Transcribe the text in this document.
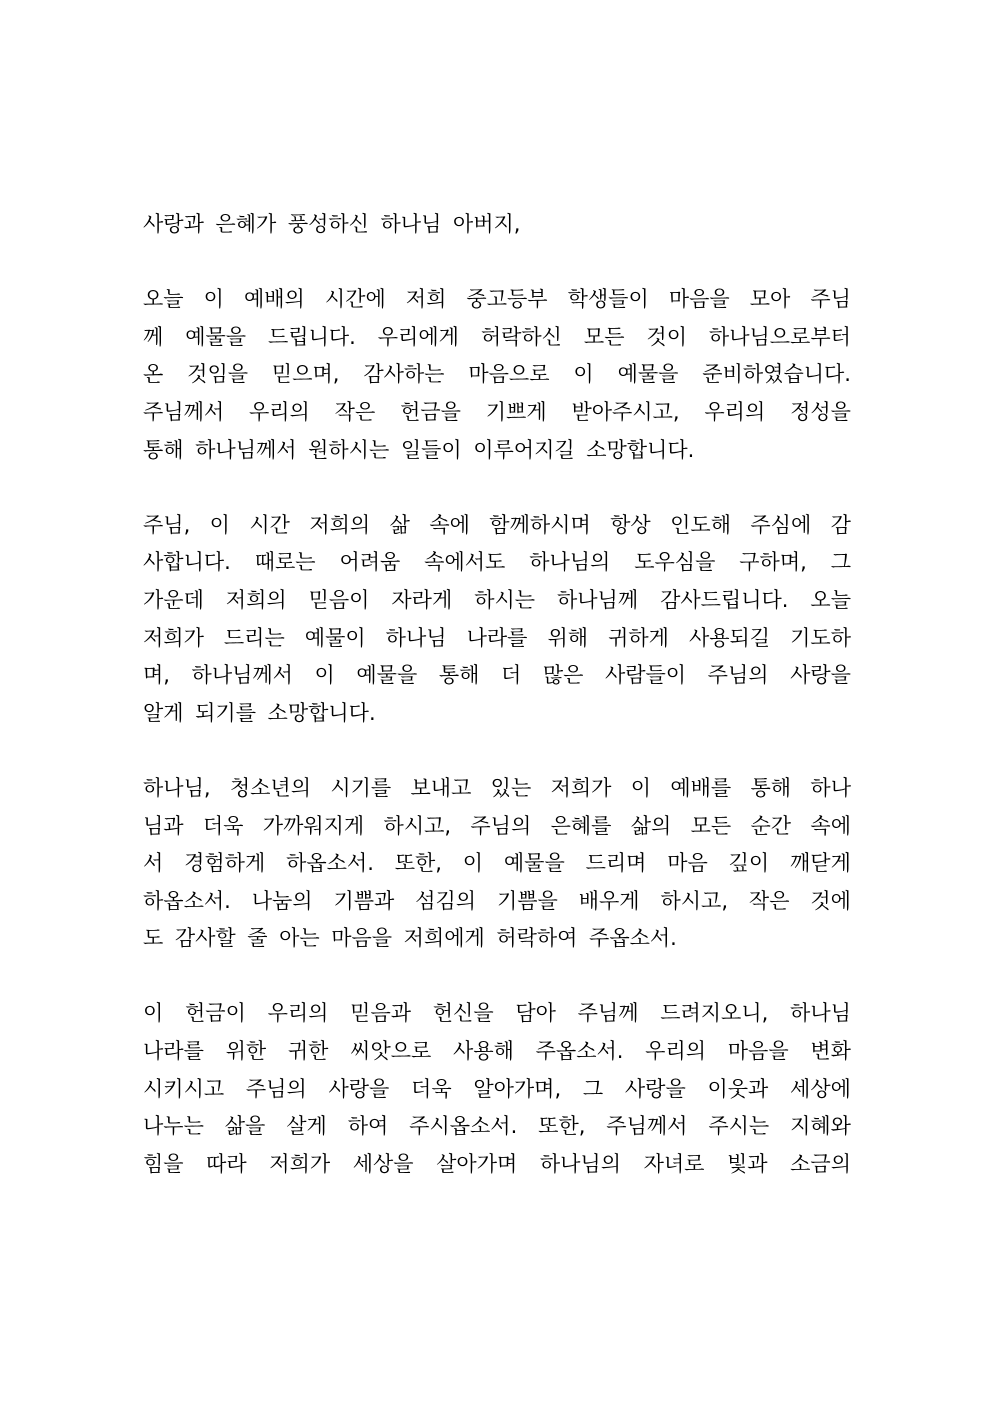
사랑과 은혜가 풍성하신 하나님 아버지,
오늘 이 예배의 시간에 저희 중고등부 학생들이 마음을 모아 주님
께 예물을 드립니다. 우리에게 허락하신 모든 것이 하나님으로부터
온 것임을 믿으며, 감사하는 마음으로 이 예물을 준비하였습니다.
주님께서 우리의 작은 헌금을 기쁘게 받아주시고, 우리의 정성을
통해 하나님께서 원하시는 일들이 이루어지길 소망합니다.
주님, 이 시간 저희의 삶 속에 함께하시며 항상 인도해 주심에 감
사합니다. 때로는 어려움 속에서도 하나님의 도우심을 구하며, 그
가운데 저희의 믿음이 자라게 하시는 하나님께 감사드립니다. 오늘
저희가 드리는 예물이 하나님 나라를 위해 귀하게 사용되길 기도하
며, 하나님께서 이 예물을 통해 더 많은 사람들이 주님의 사랑을
알게 되기를 소망합니다.
하나님, 청소년의 시기를 보내고 있는 저희가 이 예배를 통해 하나
님과 더욱 가까워지게 하시고, 주님의 은혜를 삶의 모든 순간 속에
서 경험하게 하옵소서. 또한, 이 예물을 드리며 마음 깊이 깨닫게
하옵소서. 나눔의 기쁨과 섬김의 기쁨을 배우게 하시고, 작은 것에
도 감사할 줄 아는 마음을 저희에게 허락하여 주옵소서.
이 헌금이 우리의 믿음과 헌신을 담아 주님께 드려지오니, 하나님
나라를 위한 귀한 씨앗으로 사용해 주옵소서. 우리의 마음을 변화
시키시고 주님의 사랑을 더욱 알아가며, 그 사랑을 이웃과 세상에
나누는 삶을 살게 하여 주시옵소서. 또한, 주님께서 주시는 지혜와
힘을 따라 저희가 세상을 살아가며 하나님의 자녀로 빛과 소금의
